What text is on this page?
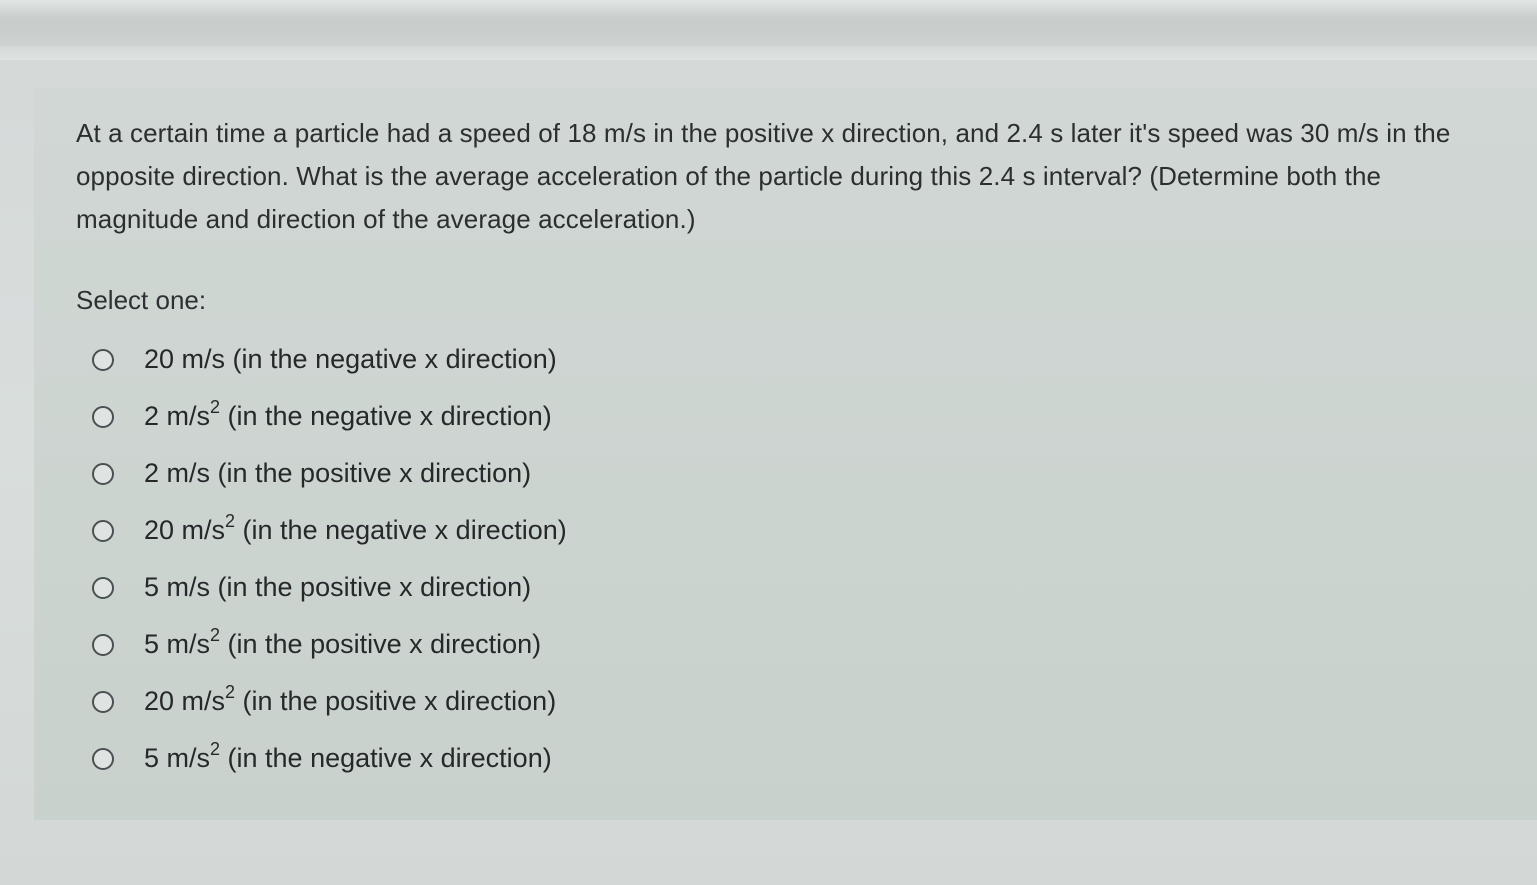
At a certain time a particle had a speed of 18 m/s in the positive x direction, and 2.4 s later it's speed was 30 m/s in the opposite direction. What is the average acceleration of the particle during this 2.4 s interval? (Determine both the magnitude and direction of the average acceleration.)

Select one:

20 m/s (in the negative x direction)
2 $m/s^2$ (in the negative x direction)
2 m/s (in the positive x direction)
20 $m/s^2$ (in the negative x direction)
5 m/s (in the positive x direction)
5 $m/s^2$ (in the positive x direction)
20 $m/s^2$ (in the positive x direction)
5 $m/s^2$ (in the negative x direction)
